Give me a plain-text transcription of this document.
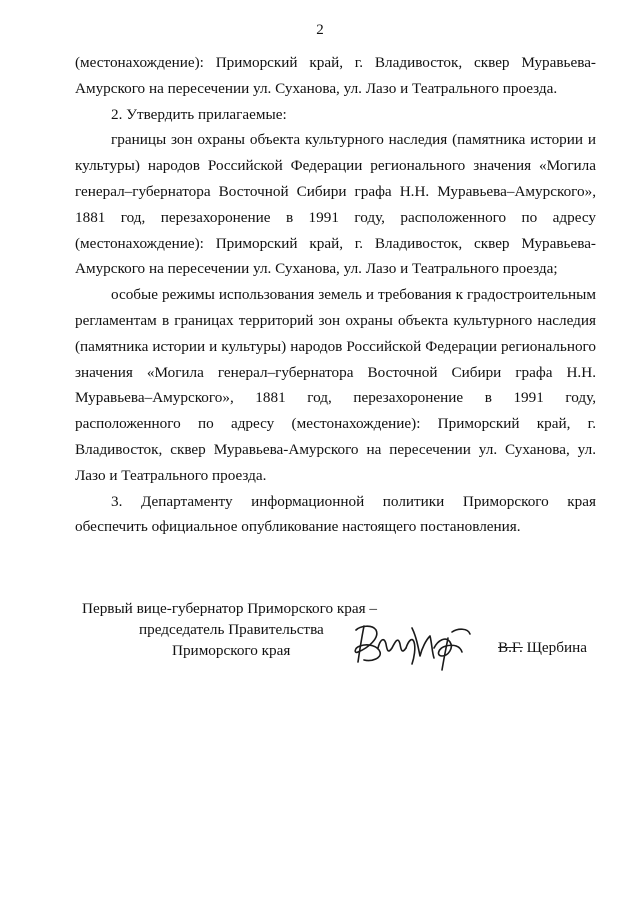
2

(местонахождение): Приморский край, г. Владивосток, сквер Муравьева-Амурского на пересечении ул. Суханова, ул. Лазо и Театрального проезда.

2. Утвердить прилагаемые:

границы зон охраны объекта культурного наследия (памятника истории и культуры) народов Российской Федерации регионального значения «Могила генерал–губернатора Восточной Сибири графа Н.Н. Муравьева–Амурского», 1881 год, перезахоронение в 1991 году, расположенного по адресу (местонахождение): Приморский край, г. Владивосток, сквер Муравьева-Амурского на пересечении ул. Суханова, ул. Лазо и Театрального проезда;

особые режимы использования земель и требования к градостроительным регламентам в границах территорий зон охраны объекта культурного наследия (памятника истории и культуры) народов Российской Федерации регионального значения «Могила генерал–губернатора Восточной Сибири графа Н.Н. Муравьева–Амурского», 1881 год, перезахоронение в 1991 году, расположенного по адресу (местонахождение): Приморский край, г. Владивосток, сквер Муравьева-Амурского на пересечении ул. Суханова, ул. Лазо и Театрального проезда.

3. Департаменту информационной политики Приморского края обеспечить официальное опубликование настоящего постановления.

Первый вице-губернатор Приморского края –
председатель Правительства
Приморского края	В.Г. Щербина
